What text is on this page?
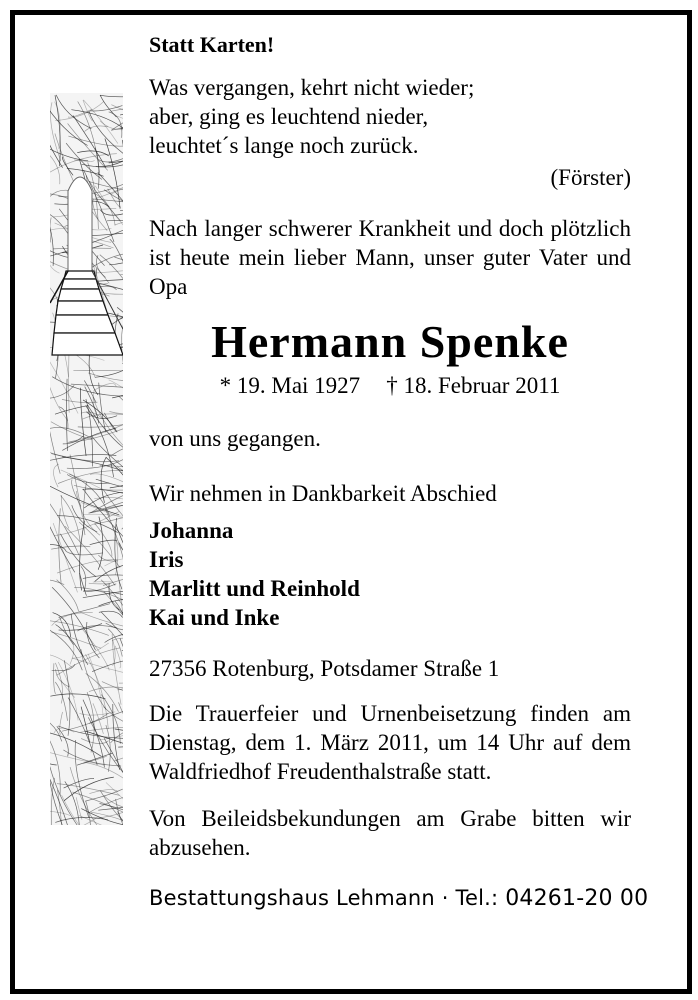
Statt Karten!
Was vergangen, kehrt nicht wieder;
aber, ging es leuchtend nieder,
leuchtet´s lange noch zurück.
(Förster)
Nach langer schwerer Krankheit und doch plötzlich ist heute mein lieber Mann, unser guter Vater und Opa
Hermann Spenke
* 19. Mai 1927 † 18. Februar 2011
von uns gegangen.
Wir nehmen in Dankbarkeit Abschied
Johanna
Iris
Marlitt und Reinhold
Kai und Inke
27356 Rotenburg, Potsdamer Straße 1
Die Trauerfeier und Urnenbeisetzung finden am Dienstag, dem 1. März 2011, um 14 Uhr auf dem Waldfriedhof Freudenthalstraße statt.
Von Beileidsbekundungen am Grabe bitten wir abzusehen.
Bestattungshaus Lehmann · Tel.: 04261-20 00
